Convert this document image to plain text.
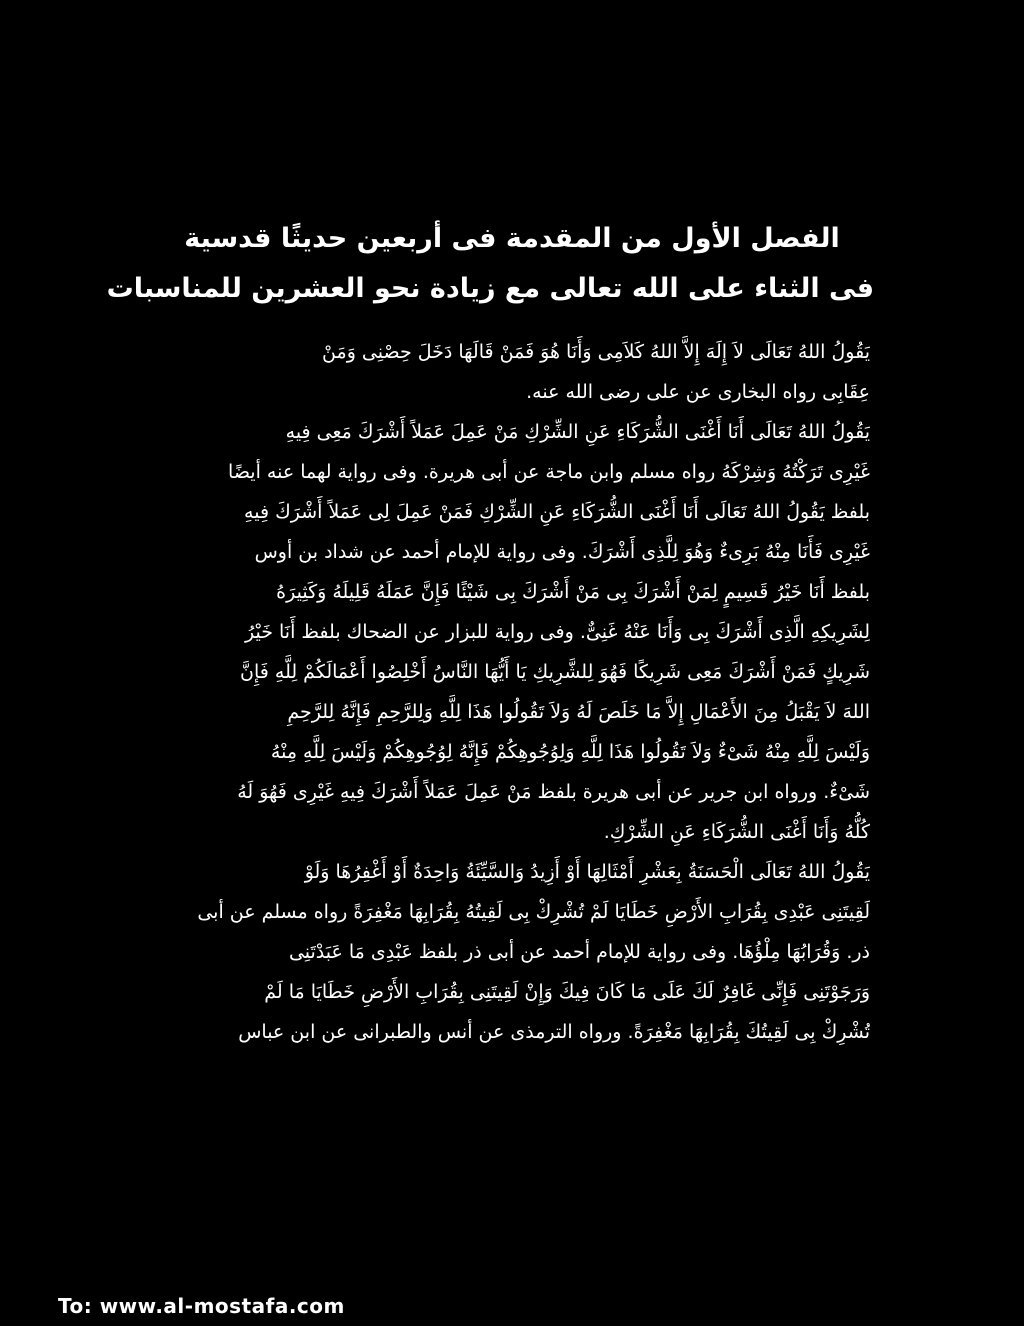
الفصل الأول من المقدمة فى أربعين حديثًا قدسية
فى الثناء على الله تعالى مع زيادة نحو العشرين للمناسبات
يَقُولُ اللهُ تَعَالَى لاَ إِلَهَ إِلاَّ اللهُ كَلاَمِى وَأَنَا هُوَ فَمَنْ قَالَهَا دَخَلَ حِصْنِى وَمَنْ
عِقَابِى رواه البخارى عن على رضى الله عنه.
يَقُولُ اللهُ تَعَالَى أَنَا أَغْنَى الشُّرَكَاءِ عَنِ الشِّرْكِ مَنْ عَمِلَ عَمَلاً أَشْرَكَ مَعِى فِيهِ
غَيْرِى تَرَكْتُهُ وَشِرْكَهُ رواه مسلم وابن ماجة عن أبى هريرة. وفى رواية لهما عنه أيضًا
بلفظ يَقُولُ اللهُ تَعَالَى أَنَا أَغْنَى الشُّرَكَاءِ عَنِ الشِّرْكِ فَمَنْ عَمِلَ لِى عَمَلاً أَشْرَكَ فِيهِ
غَيْرِى فَأَنَا مِنْهُ بَرِىءٌ وَهُوَ لِلَّذِى أَشْرَكَ. وفى رواية للإمام أحمد عن شداد بن أوس
بلفظ أَنَا خَيْرُ قَسِيمٍ لِمَنْ أَشْرَكَ بِى مَنْ أَشْرَكَ بِى شَيْئًا فَإِنَّ عَمَلَهُ قَلِيلَهُ وَكَثِيرَهُ
لِشَرِيكِهِ الَّذِى أَشْرَكَ بِى وَأَنَا عَنْهُ غَنِىٌّ. وفى رواية للبزار عن الضحاك بلفظ أَنَا خَيْرُ
شَرِيكٍ فَمَنْ أَشْرَكَ مَعِى شَرِيكًا فَهُوَ لِلشَّرِيكِ يَا أَيُّهَا النَّاسُ أَخْلِصُوا أَعْمَالَكُمْ لِلَّهِ فَإِنَّ
اللهَ لاَ يَقْبَلُ مِنَ الأَعْمَالِ إِلاَّ مَا خَلَصَ لَهُ وَلاَ تَقُولُوا هَذَا لِلَّهِ وَلِلرَّحِمِ فَإِنَّهُ لِلرَّحِمِ
وَلَيْسَ لِلَّهِ مِنْهُ شَىْءٌ وَلاَ تَقُولُوا هَذَا لِلَّهِ وَلِوُجُوهِكُمْ فَإِنَّهُ لِوُجُوهِكُمْ وَلَيْسَ لِلَّهِ مِنْهُ
شَىْءٌ. ورواه ابن جرير عن أبى هريرة بلفظ مَنْ عَمِلَ عَمَلاً أَشْرَكَ فِيهِ غَيْرِى فَهُوَ لَهُ
كُلُّهُ وَأَنَا أَغْنَى الشُّرَكَاءِ عَنِ الشِّرْكِ.
يَقُولُ اللهُ تَعَالَى الْحَسَنَةُ بِعَشْرِ أَمْثَالِهَا أَوْ أَزِيدُ وَالسَّيِّئَةُ وَاحِدَةٌ أَوْ أَغْفِرُهَا وَلَوْ
لَقِيتَنِى عَبْدِى بِقُرَابِ الأَرْضِ خَطَايَا لَمْ تُشْرِكْ بِى لَقِيتُهُ بِقُرَابِهَا مَغْفِرَةً رواه مسلم عن أبى
ذر. وَقُرَابُهَا مِلْؤُهَا. وفى رواية للإمام أحمد عن أبى ذر بلفظ عَبْدِى مَا عَبَدْتَنِى
وَرَجَوْتَنِى فَإِنِّى غَافِرٌ لَكَ عَلَى مَا كَانَ فِيكَ وَإِنْ لَقِيتَنِى بِقُرَابِ الأَرْضِ خَطَايَا مَا لَمْ
تُشْرِكْ بِى لَقِيتُكَ بِقُرَابِهَا مَغْفِرَةً. ورواه الترمذى عن أنس والطبرانى عن ابن عباس
To: www.al-mostafa.com
